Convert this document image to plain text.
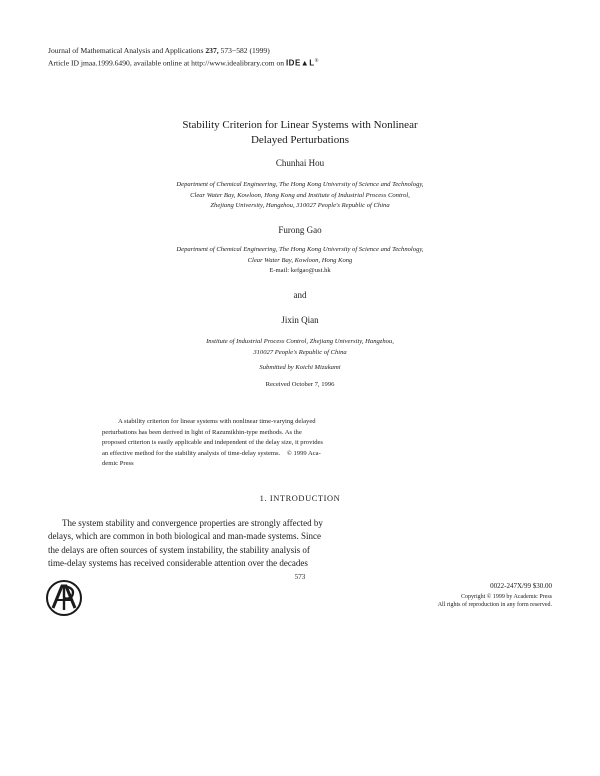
Journal of Mathematical Analysis and Applications 237, 573−582 (1999)
Article ID jmaa.1999.6490, available online at http://www.idealibrary.com on IDE▲L®
Stability Criterion for Linear Systems with Nonlinear
Delayed Perturbations
Chunhai Hou
Department of Chemical Engineering, The Hong Kong University of Science and Technology,
Clear Water Bay, Kowloon, Hong Kong and Institute of Industrial Process Control,
Zhejiang University, Hangzhou, 310027 People's Republic of China
Furong Gao
Department of Chemical Engineering, The Hong Kong University of Science and Technology,
Clear Water Bay, Kowloon, Hong Kong
E-mail: kefgao@ust.hk
and
Jixin Qian
Institute of Industrial Process Control, Zhejiang University, Hangzhou,
310027 People's Republic of China
Submitted by Koichi Mizukami
Received October 7, 1996
A stability criterion for linear systems with nonlinear time-varying delayed
perturbations has been derived in light of Razumikhin-type methods. As the
proposed criterion is easily applicable and independent of the delay size, it provides
an effective method for the stability analysis of time-delay systems. © 1999 Aca-
demic Press
1. INTRODUCTION
The system stability and convergence properties are strongly affected by
delays, which are common in both biological and man-made systems. Since
the delays are often sources of system instability, the stability analysis of
time-delay systems has received considerable attention over the decades
573
0022-247X/99 $30.00
Copyright © 1999 by Academic Press
All rights of reproduction in any form reserved.
